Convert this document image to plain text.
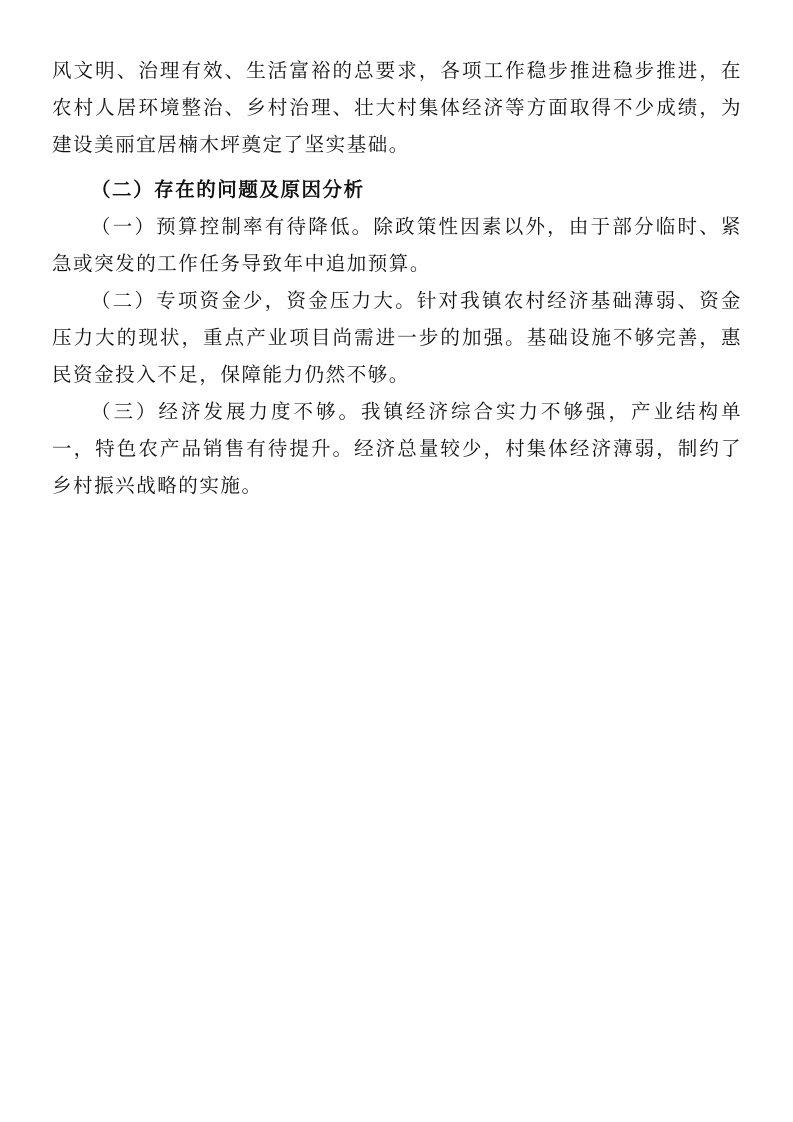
风文明、治理有效、生活富裕的总要求，各项工作稳步推进稳步推进，在农村人居环境整治、乡村治理、壮大村集体经济等方面取得不少成绩，为建设美丽宜居楠木坪奠定了坚实基础。

（二）存在的问题及原因分析

（一）预算控制率有待降低。除政策性因素以外，由于部分临时、紧急或突发的工作任务导致年中追加预算。

（二）专项资金少，资金压力大。针对我镇农村经济基础薄弱、资金压力大的现状，重点产业项目尚需进一步的加强。基础设施不够完善，惠民资金投入不足，保障能力仍然不够。

（三）经济发展力度不够。我镇经济综合实力不够强，产业结构单一，特色农产品销售有待提升。经济总量较少，村集体经济薄弱，制约了乡村振兴战略的实施。
